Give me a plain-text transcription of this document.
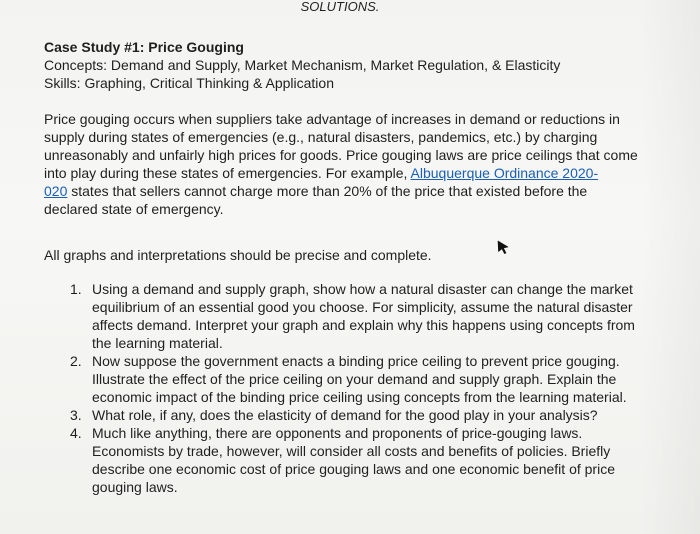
SOLUTIONS.
Case Study #1: Price Gouging
Concepts: Demand and Supply, Market Mechanism, Market Regulation, & Elasticity
Skills: Graphing, Critical Thinking & Application
Price gouging occurs when suppliers take advantage of increases in demand or reductions in
supply during states of emergencies (e.g., natural disasters, pandemics, etc.) by charging
unreasonably and unfairly high prices for goods. Price gouging laws are price ceilings that come
into play during these states of emergencies. For example, Albuquerque Ordinance 2020-
020 states that sellers cannot charge more than 20% of the price that existed before the
declared state of emergency.
All graphs and interpretations should be precise and complete.
1. Using a demand and supply graph, show how a natural disaster can change the market
equilibrium of an essential good you choose. For simplicity, assume the natural disaster
affects demand. Interpret your graph and explain why this happens using concepts from
the learning material.
2. Now suppose the government enacts a binding price ceiling to prevent price gouging.
Illustrate the effect of the price ceiling on your demand and supply graph. Explain the
economic impact of the binding price ceiling using concepts from the learning material.
3. What role, if any, does the elasticity of demand for the good play in your analysis?
4. Much like anything, there are opponents and proponents of price-gouging laws.
Economists by trade, however, will consider all costs and benefits of policies. Briefly
describe one economic cost of price gouging laws and one economic benefit of price
gouging laws.
